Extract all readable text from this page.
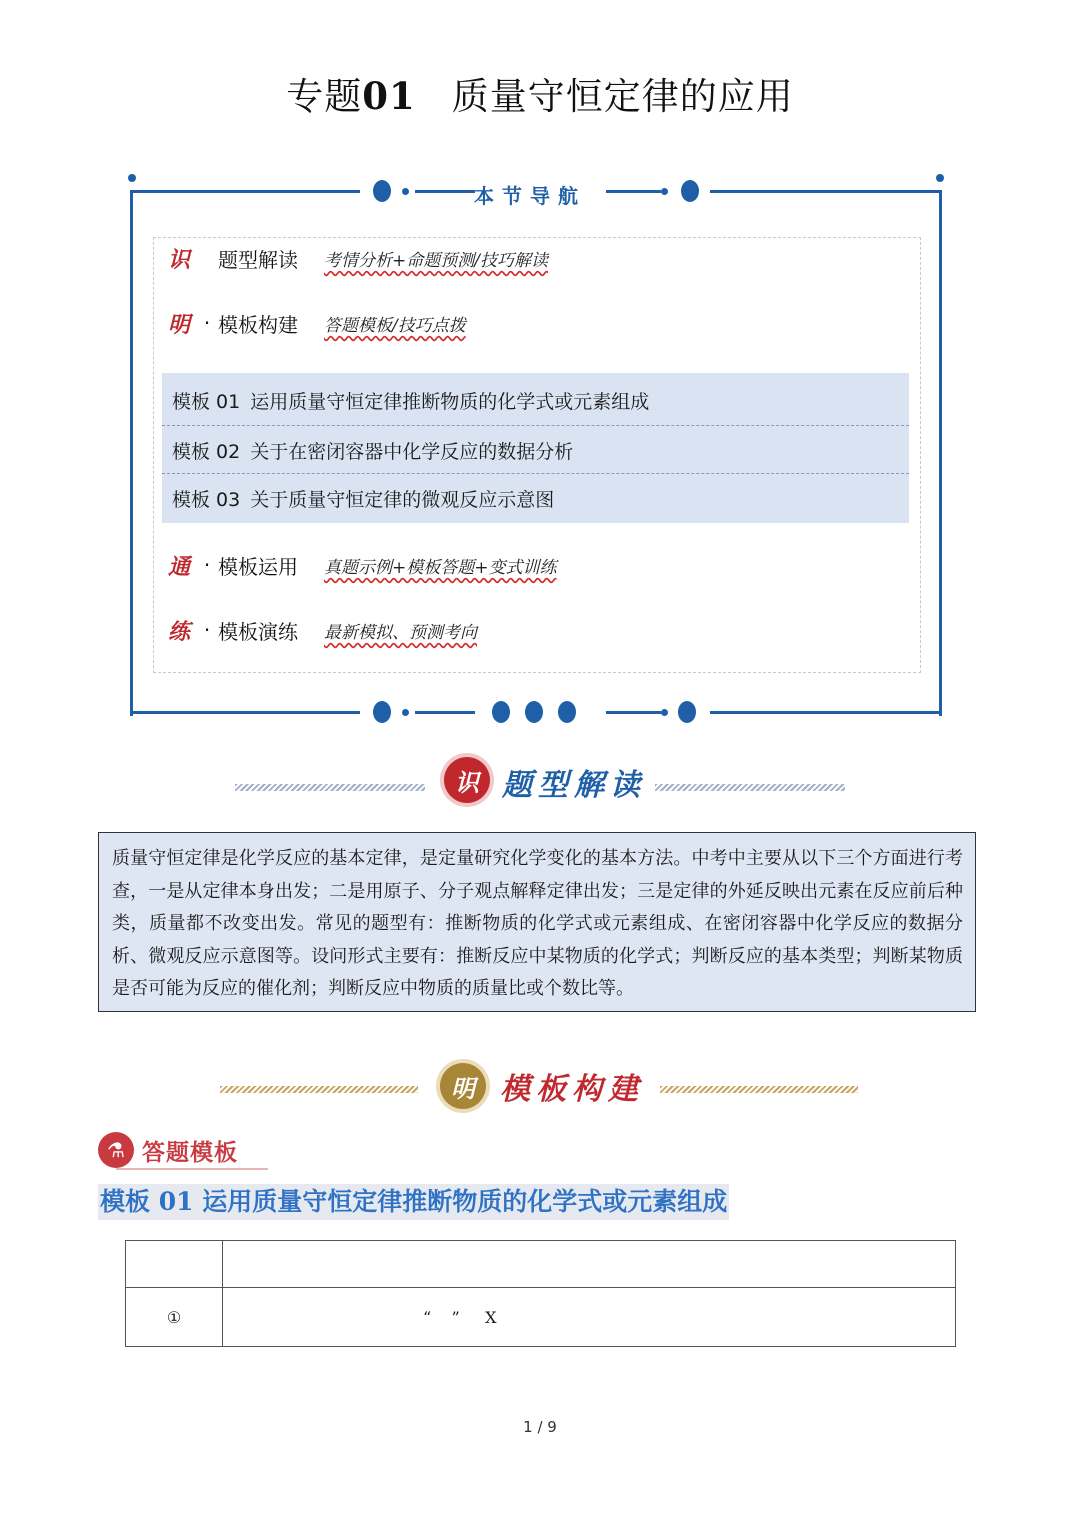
专题01 质量守恒定律的应用
本节导航
识 题型解读	考情分析+命题预测/技巧解读
明 · 模板构建	答题模板/技巧点拨
模板 01 运用质量守恒定律推断物质的化学式或元素组成
模板 02 关于在密闭容器中化学反应的数据分析
模板 03 关于质量守恒定律的微观反应示意图
通 · 模板运用	真题示例+模板答题+变式训练
练 · 模板演练	最新模拟、预测考向
识 题型解读
质量守恒定律是化学反应的基本定律，是定量研究化学变化的基本方法。中考中主要从以下三个方面进行考查，一是从定律本身出发；二是用原子、分子观点解释定律出发；三是定律的外延反映出元素在反应前后种类，质量都不改变出发。常见的题型有：推断物质的化学式或元素组成、在密闭容器中化学反应的数据分析、微观反应示意图等。设问形式主要有：推断反应中某物质的化学式；判断反应的基本类型；判断某物质是否可能为反应的催化剂；判断反应中物质的质量比或个数比等。
明 模板构建
⚗ 答题模板
模板 01 运用质量守恒定律推断物质的化学式或元素组成

①	“    ”     X
1 / 9
